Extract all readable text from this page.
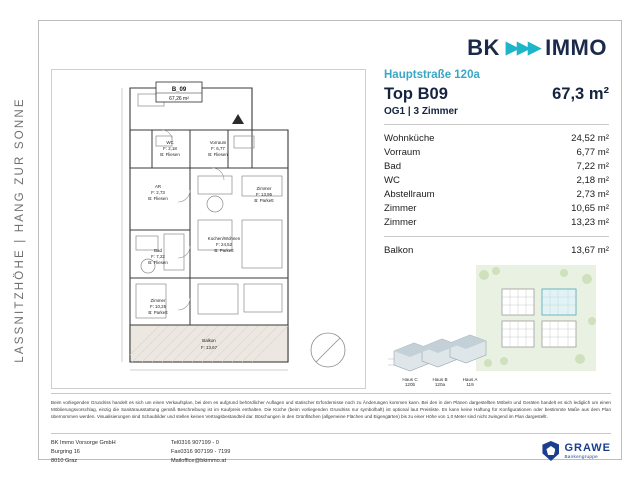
LASSNITZHÖHE | HANG ZUR SONNE
BK ▶▶▶ IMMO
B_09
67,26 m²
WC
F: 2,18
B: Fliesen
AR
F: 2,73
B: Fliesen
Vorraum
F: 6,77
B: Fliesen
Zimmer
F: 13,95
B: Parkett
Bad
F: 7,22
B: Fliesen
Kochen/Wohnen
F: 24,52
B: Parkett
Zimmer
F: 10,25
B: Parkett
Balkon
F: 13,67
Hauptstraße 120a
Top B09	67,3 m²
OG1 | 3 Zimmer
Wohnküche	24,52 m²
Vorraum	6,77 m²
Bad	7,22 m²
WC	2,18 m²
Abstellraum	2,73 m²
Zimmer	10,65 m²
Zimmer	13,23 m²
Balkon	13,67 m²
Haus C
120b
Haus B
120a
Haus A
119
Beim vorliegenden Grundriss handelt es sich um einen Verkaufsplan, bei dem es aufgrund behördlicher Auflagen und statischer Erfordernisse noch zu Änderungen kommen kann. Bei den in den Plänen dargestellten Möbeln und Geräten handelt es sich lediglich um einen Möblierungsvorschlag, einzig die Sanitärausstattung gemäß Beschreibung ist im Kaufpreis enthalten. Die Küche (beim vorliegenden Grundriss nur symbolhaft) ist optional laut Preisliste. Es kann keine Haftung für Konfigurationen oder bestimmte Maße aus dem Plan übernommen werden. Visualisierungen sind Schaubilder und stellen keinen Vertragsbestandteil dar. Böschungen in den Grünflächen (allgemeine Flächen und Eigengärten) bis zu einer Höhe von 1,0 Meter sind nicht zwingend im Plan dargestellt.
BK Immo Vorsorge GmbH
Burgring 16
8010 Graz
Tel 0316 907199 - 0
Fax 0316 907199 - 7199
Mail office@bkimmo.at
GRAWE
Bankengruppe
